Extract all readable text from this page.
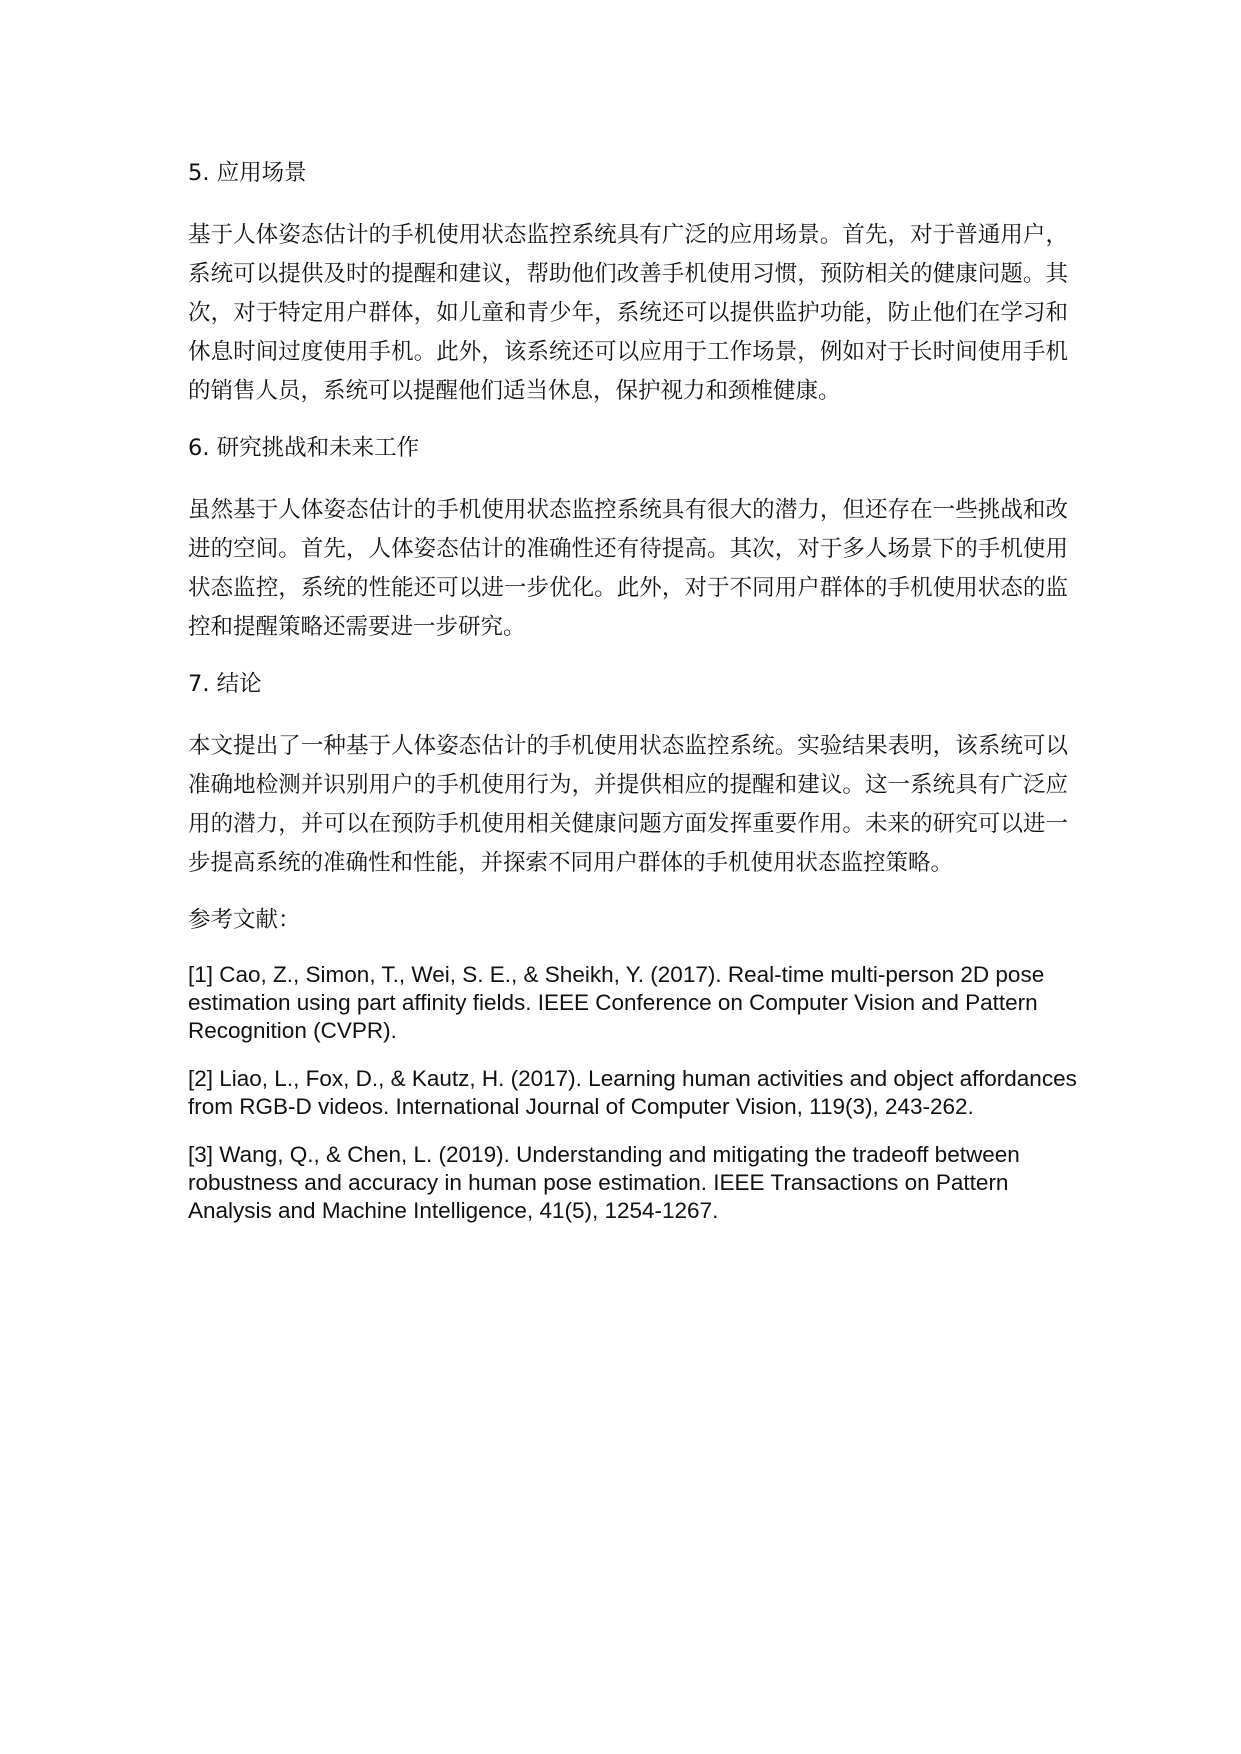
5. 应用场景
基于人体姿态估计的手机使用状态监控系统具有广泛的应用场景。首先，对于普通用户，系统可以提供及时的提醒和建议，帮助他们改善手机使用习惯，预防相关的健康问题。其次，对于特定用户群体，如儿童和青少年，系统还可以提供监护功能，防止他们在学习和休息时间过度使用手机。此外，该系统还可以应用于工作场景，例如对于长时间使用手机的销售人员，系统可以提醒他们适当休息，保护视力和颈椎健康。
6. 研究挑战和未来工作
虽然基于人体姿态估计的手机使用状态监控系统具有很大的潜力，但还存在一些挑战和改进的空间。首先，人体姿态估计的准确性还有待提高。其次，对于多人场景下的手机使用状态监控，系统的性能还可以进一步优化。此外，对于不同用户群体的手机使用状态的监控和提醒策略还需要进一步研究。
7. 结论
本文提出了一种基于人体姿态估计的手机使用状态监控系统。实验结果表明，该系统可以准确地检测并识别用户的手机使用行为，并提供相应的提醒和建议。这一系统具有广泛应用的潜力，并可以在预防手机使用相关健康问题方面发挥重要作用。未来的研究可以进一步提高系统的准确性和性能，并探索不同用户群体的手机使用状态监控策略。
参考文献：
[1] Cao, Z., Simon, T., Wei, S. E., & Sheikh, Y. (2017). Real-time multi-person 2D pose estimation using part affinity fields. IEEE Conference on Computer Vision and Pattern Recognition (CVPR).
[2] Liao, L., Fox, D., & Kautz, H. (2017). Learning human activities and object affordances from RGB-D videos. International Journal of Computer Vision, 119(3), 243-262.
[3] Wang, Q., & Chen, L. (2019). Understanding and mitigating the tradeoff between robustness and accuracy in human pose estimation. IEEE Transactions on Pattern Analysis and Machine Intelligence, 41(5), 1254-1267.
